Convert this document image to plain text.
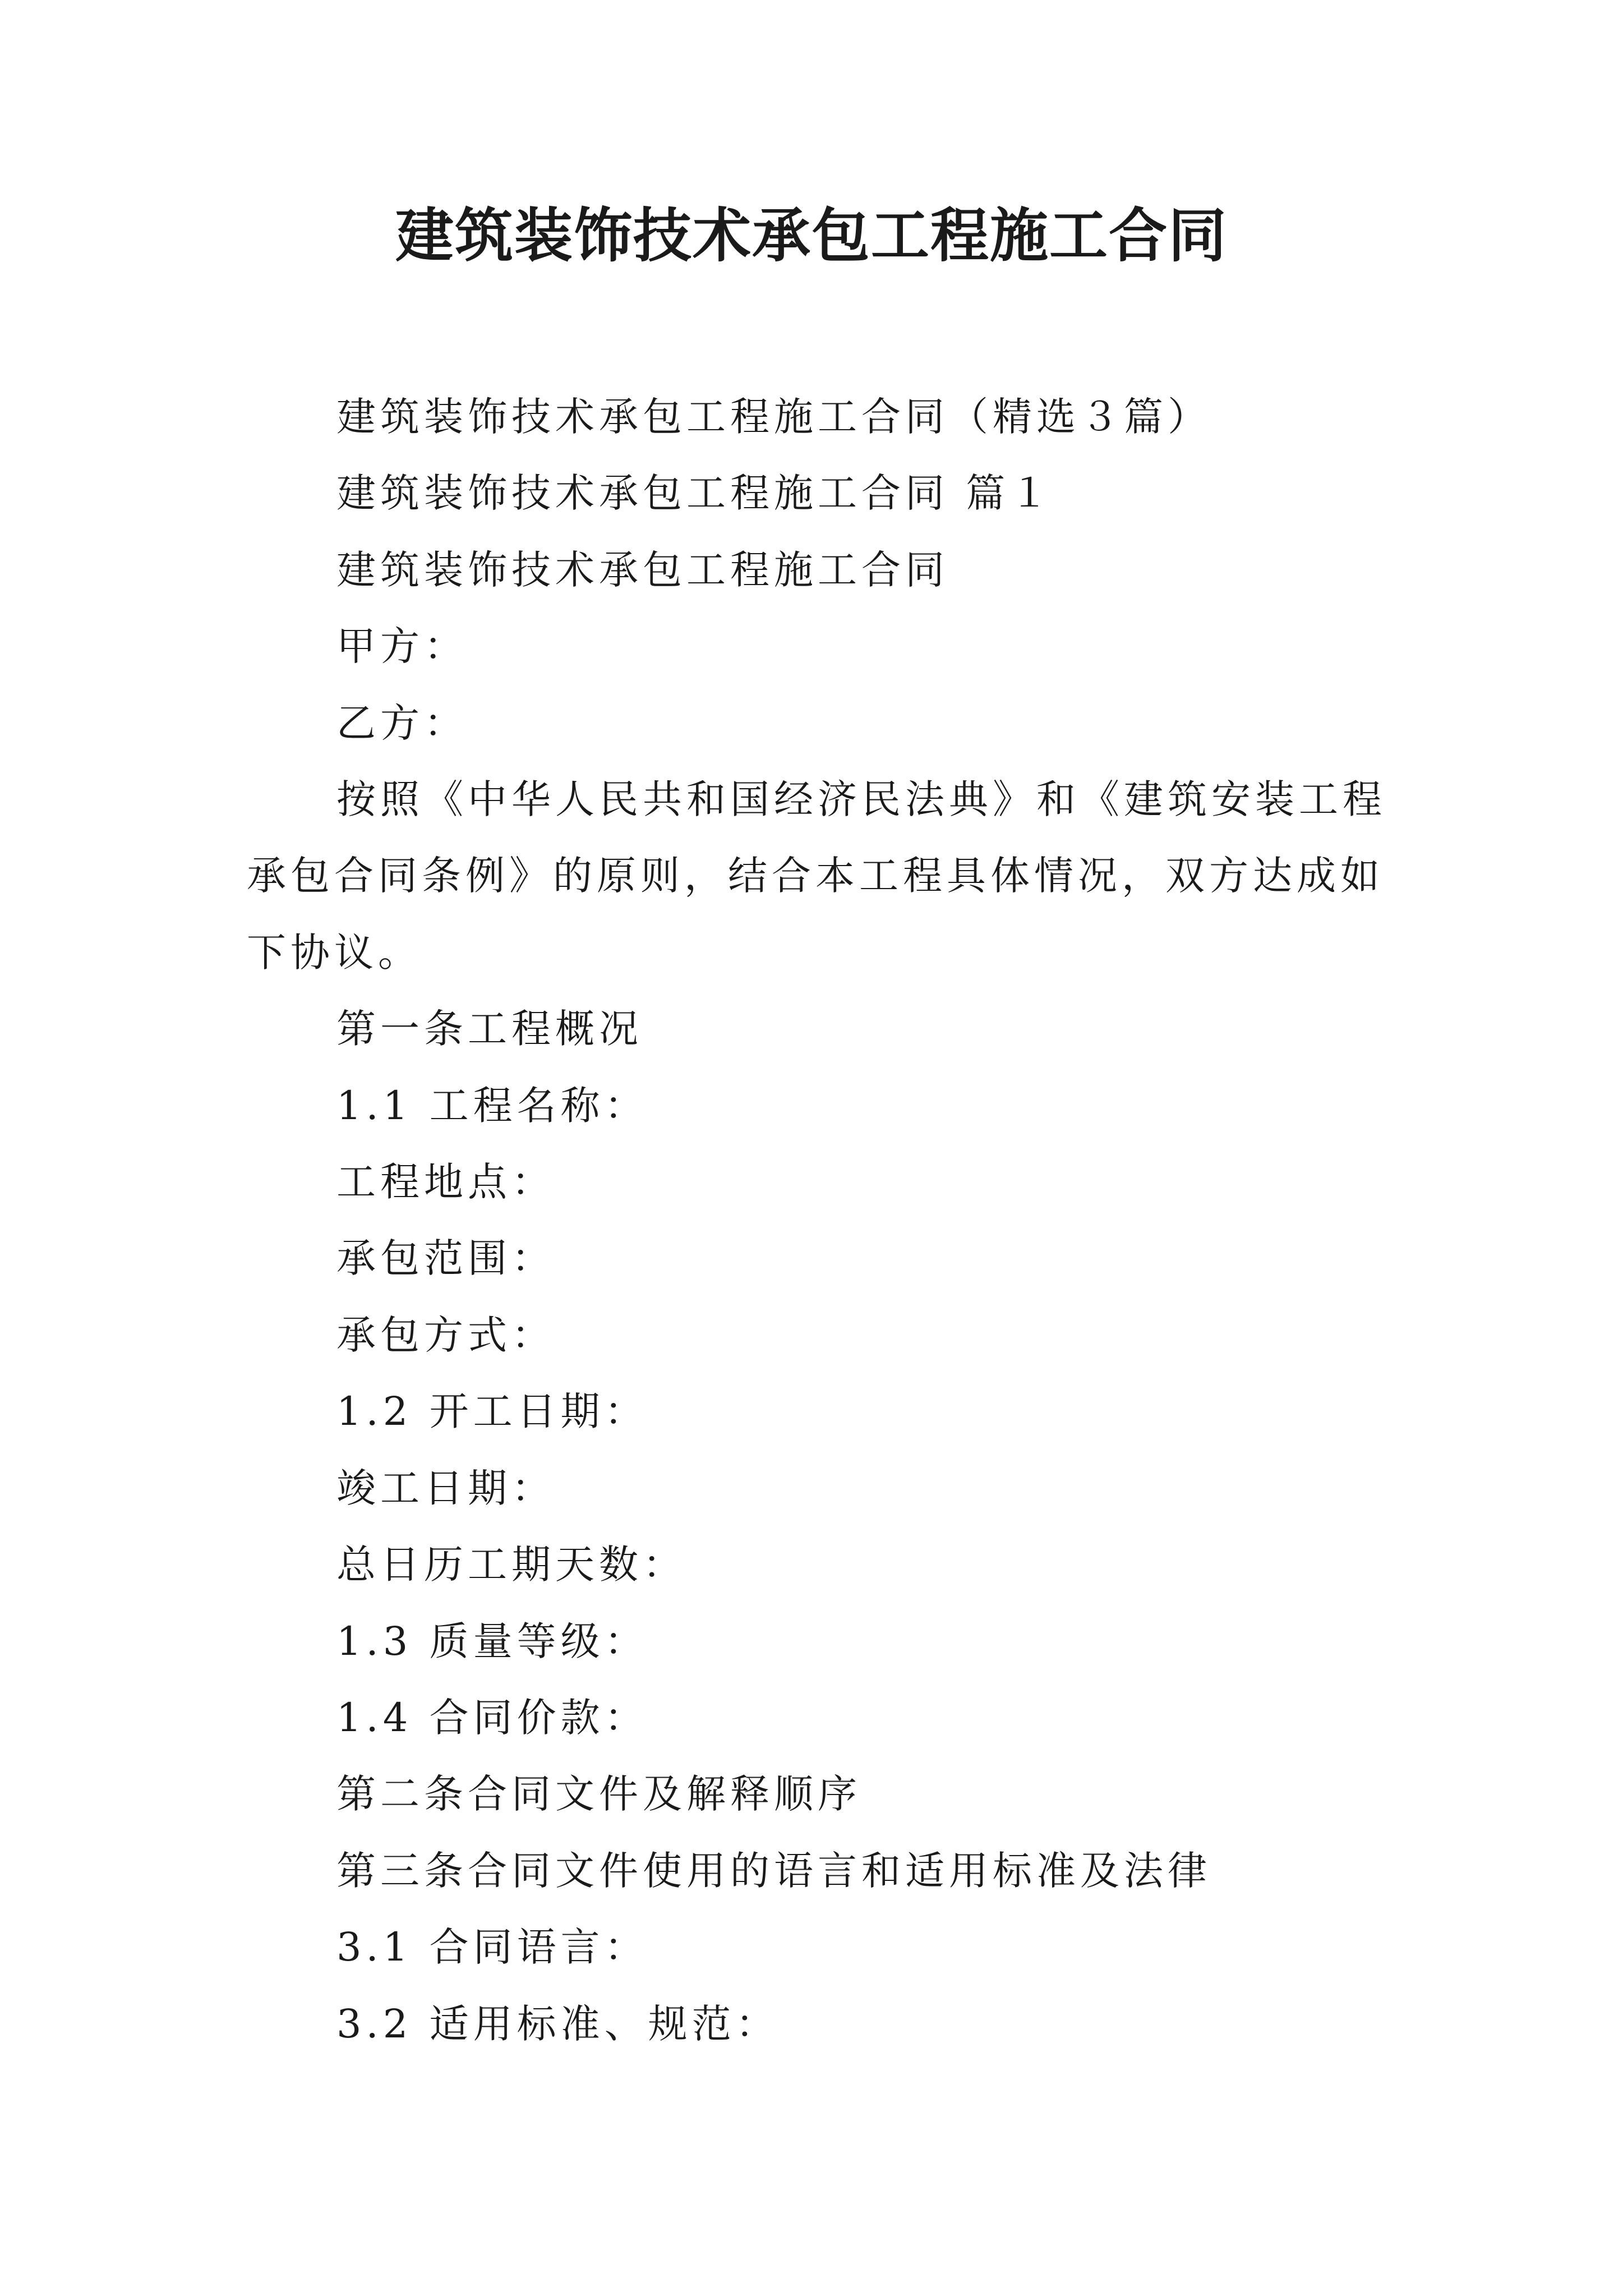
建筑装饰技术承包工程施工合同

建筑装饰技术承包工程施工合同（精选３篇）

建筑装饰技术承包工程施工合同 篇１

建筑装饰技术承包工程施工合同

甲方：

乙方：

按照《中华人民共和国经济民法典》和《建筑安装工程承包合同条例》的原则，结合本工程具体情况，双方达成如下协议。

第一条工程概况

1.1 工程名称：

工程地点：

承包范围：

承包方式：

1.2 开工日期：

竣工日期：

总日历工期天数：

1.3 质量等级：

1.4 合同价款：

第二条合同文件及解释顺序

第三条合同文件使用的语言和适用标准及法律

3.1 合同语言：

3.2 适用标准、规范：
